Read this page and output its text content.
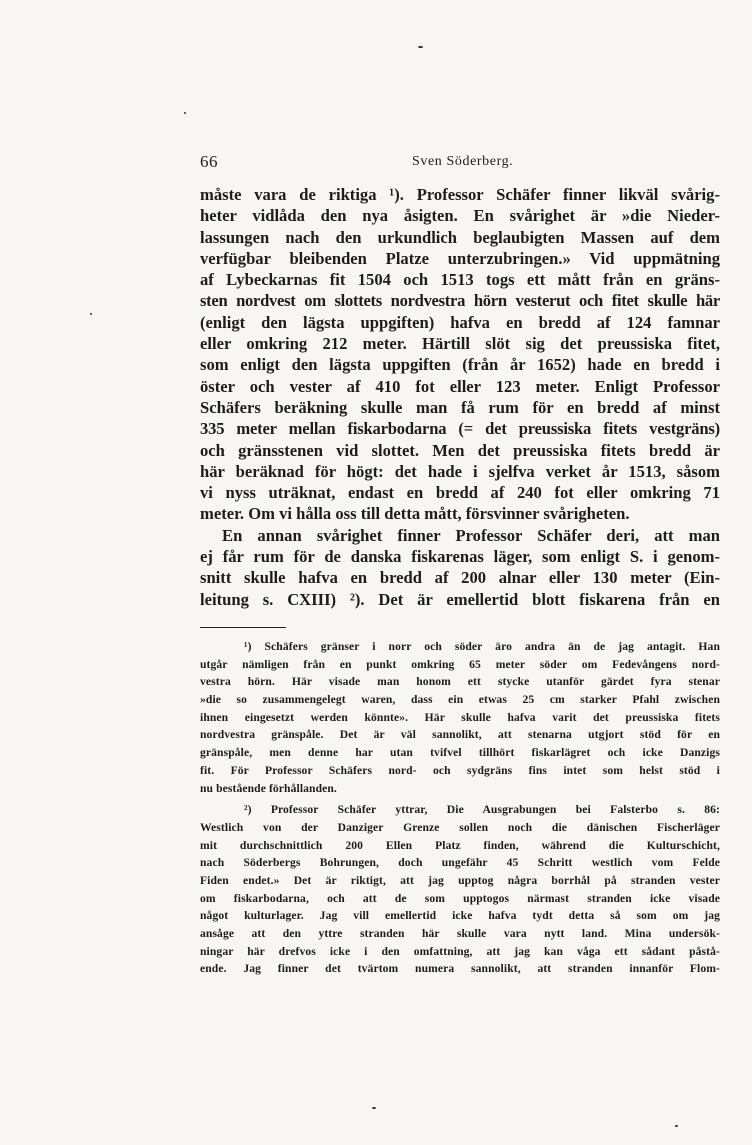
66	Sven Söderberg.
måste vara de riktiga ¹). Professor Schäfer finner likväl svårig-
heter vidlåda den nya åsigten. En svårighet är »die Nieder-
lassungen nach den urkundlich beglaubigten Massen auf dem
verfügbar bleibenden Platze unterzubringen.» Vid uppmätning
af Lybeckarnas fit 1504 och 1513 togs ett mått från en gräns-
sten nordvest om slottets nordvestra hörn vesterut och fitet skulle här
(enligt den lägsta uppgiften) hafva en bredd af 124 famnar
eller omkring 212 meter. Härtill slöt sig det preussiska fitet,
som enligt den lägsta uppgiften (från år 1652) hade en bredd i
öster och vester af 410 fot eller 123 meter. Enligt Professor
Schäfers beräkning skulle man få rum för en bredd af minst
335 meter mellan fiskarbodarna (= det preussiska fitets vestgräns)
och gränsstenen vid slottet. Men det preussiska fitets bredd är
här beräknad för högt: det hade i sjelfva verket år 1513, såsom
vi nyss uträknat, endast en bredd af 240 fot eller omkring 71
meter. Om vi hålla oss till detta mått, försvinner svårigheten.
En annan svårighet finner Professor Schäfer deri, att man
ej får rum för de danska fiskarenas läger, som enligt S. i genom-
snitt skulle hafva en bredd af 200 alnar eller 130 meter (Ein-
leitung s. CXIII) ²). Det är emellertid blott fiskarena från en
¹) Schäfers gränser i norr och söder äro andra än de jag antagit. Han
utgår nämligen från en punkt omkring 65 meter söder om Fedevångens nord-
vestra hörn. Här visade man honom ett stycke utanför gärdet fyra stenar
»die so zusammengelegt waren, dass ein etwas 25 cm starker Pfahl zwischen
ihnen eingesetzt werden könnte». Här skulle hafva varit det preussiska fitets
nordvestra gränspåle. Det är väl sannolikt, att stenarna utgjort stöd för en
gränspåle, men denne har utan tvifvel tillhört fiskarlägret och icke Danzigs
fit. För Professor Schäfers nord- och sydgräns fins intet som helst stöd i
nu bestående förhållanden.
²) Professor Schäfer yttrar, Die Ausgrabungen bei Falsterbo s. 86:
Westlich von der Danziger Grenze sollen noch die dänischen Fischerläger
mit durchschnittlich 200 Ellen Platz finden, während die Kulturschicht,
nach Söderbergs Bohrungen, doch ungefähr 45 Schritt westlich vom Felde
Fiden endet.» Det är riktigt, att jag upptog några borrhål på stranden vester
om fiskarbodarna, och att de som upptogos närmast stranden icke visade
något kulturlager. Jag vill emellertid icke hafva tydt detta så som om jag
ansåge att den yttre stranden här skulle vara nytt land. Mina undersök-
ningar här drefvos icke i den omfattning, att jag kan våga ett sådant påstå-
ende. Jag finner det tvärtom numera sannolikt, att stranden innanför Flom-
